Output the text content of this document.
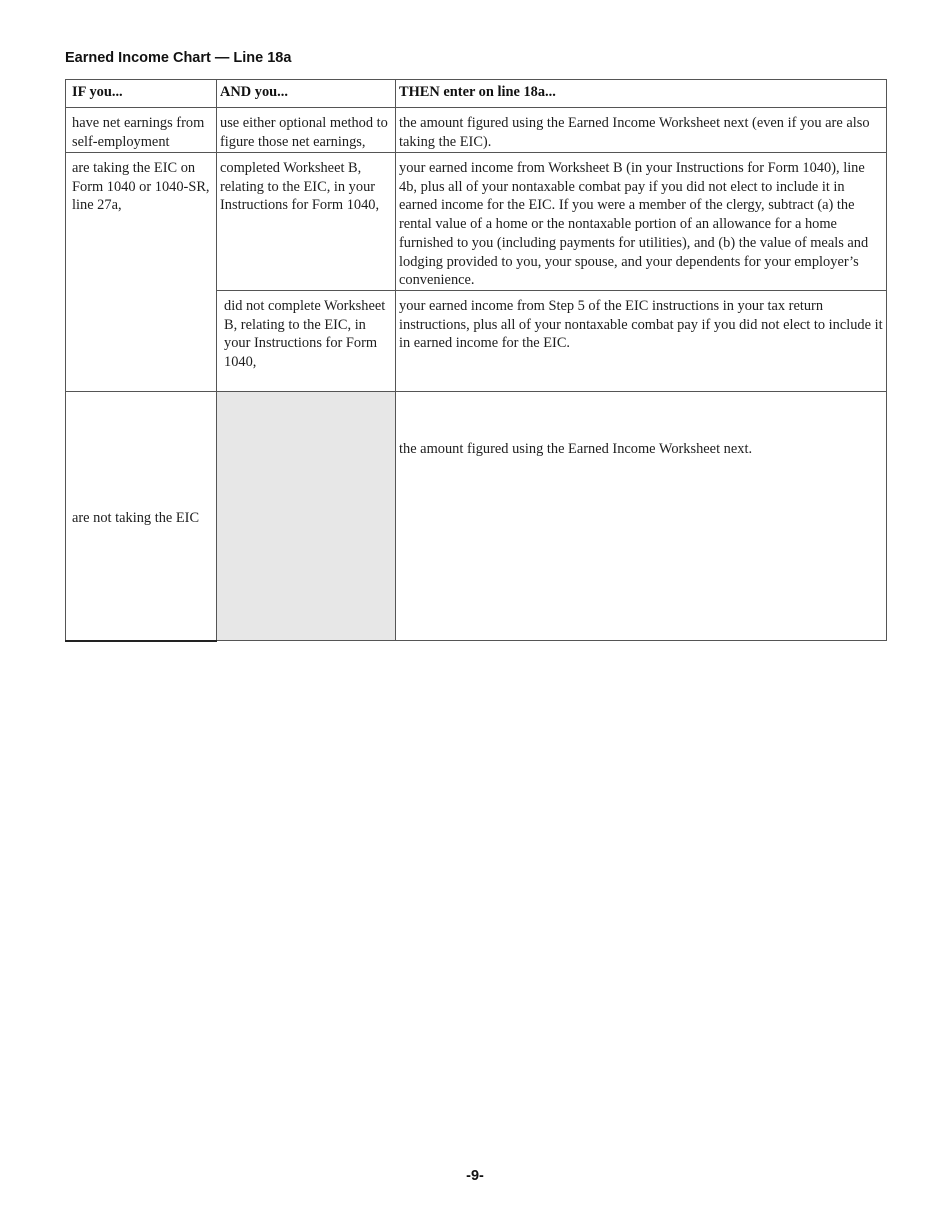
Earned Income Chart — Line 18a
IF you...	AND you...	THEN enter on line 18a...
have net earnings from self-employment	use either optional method to figure those net earnings,	the amount figured using the Earned Income Worksheet next (even if you are also taking the EIC).
are taking the EIC on Form 1040 or 1040-SR, line 27a,	completed Worksheet B, relating to the EIC, in your Instructions for Form 1040,	your earned income from Worksheet B (in your Instructions for Form 1040), line 4b, plus all of your nontaxable combat pay if you did not elect to include it in earned income for the EIC. If you were a member of the clergy, subtract (a) the rental value of a home or the nontaxable portion of an allowance for a home furnished to you (including payments for utilities), and (b) the value of meals and lodging provided to you, your spouse, and your dependents for your employer’s convenience.
	did not complete Worksheet B, relating to the EIC, in your Instructions for Form 1040,	your earned income from Step 5 of the EIC instructions in your tax return instructions, plus all of your nontaxable combat pay if you did not elect to include it in earned income for the EIC.
are not taking the EIC		the amount figured using the Earned Income Worksheet next.
-9-
